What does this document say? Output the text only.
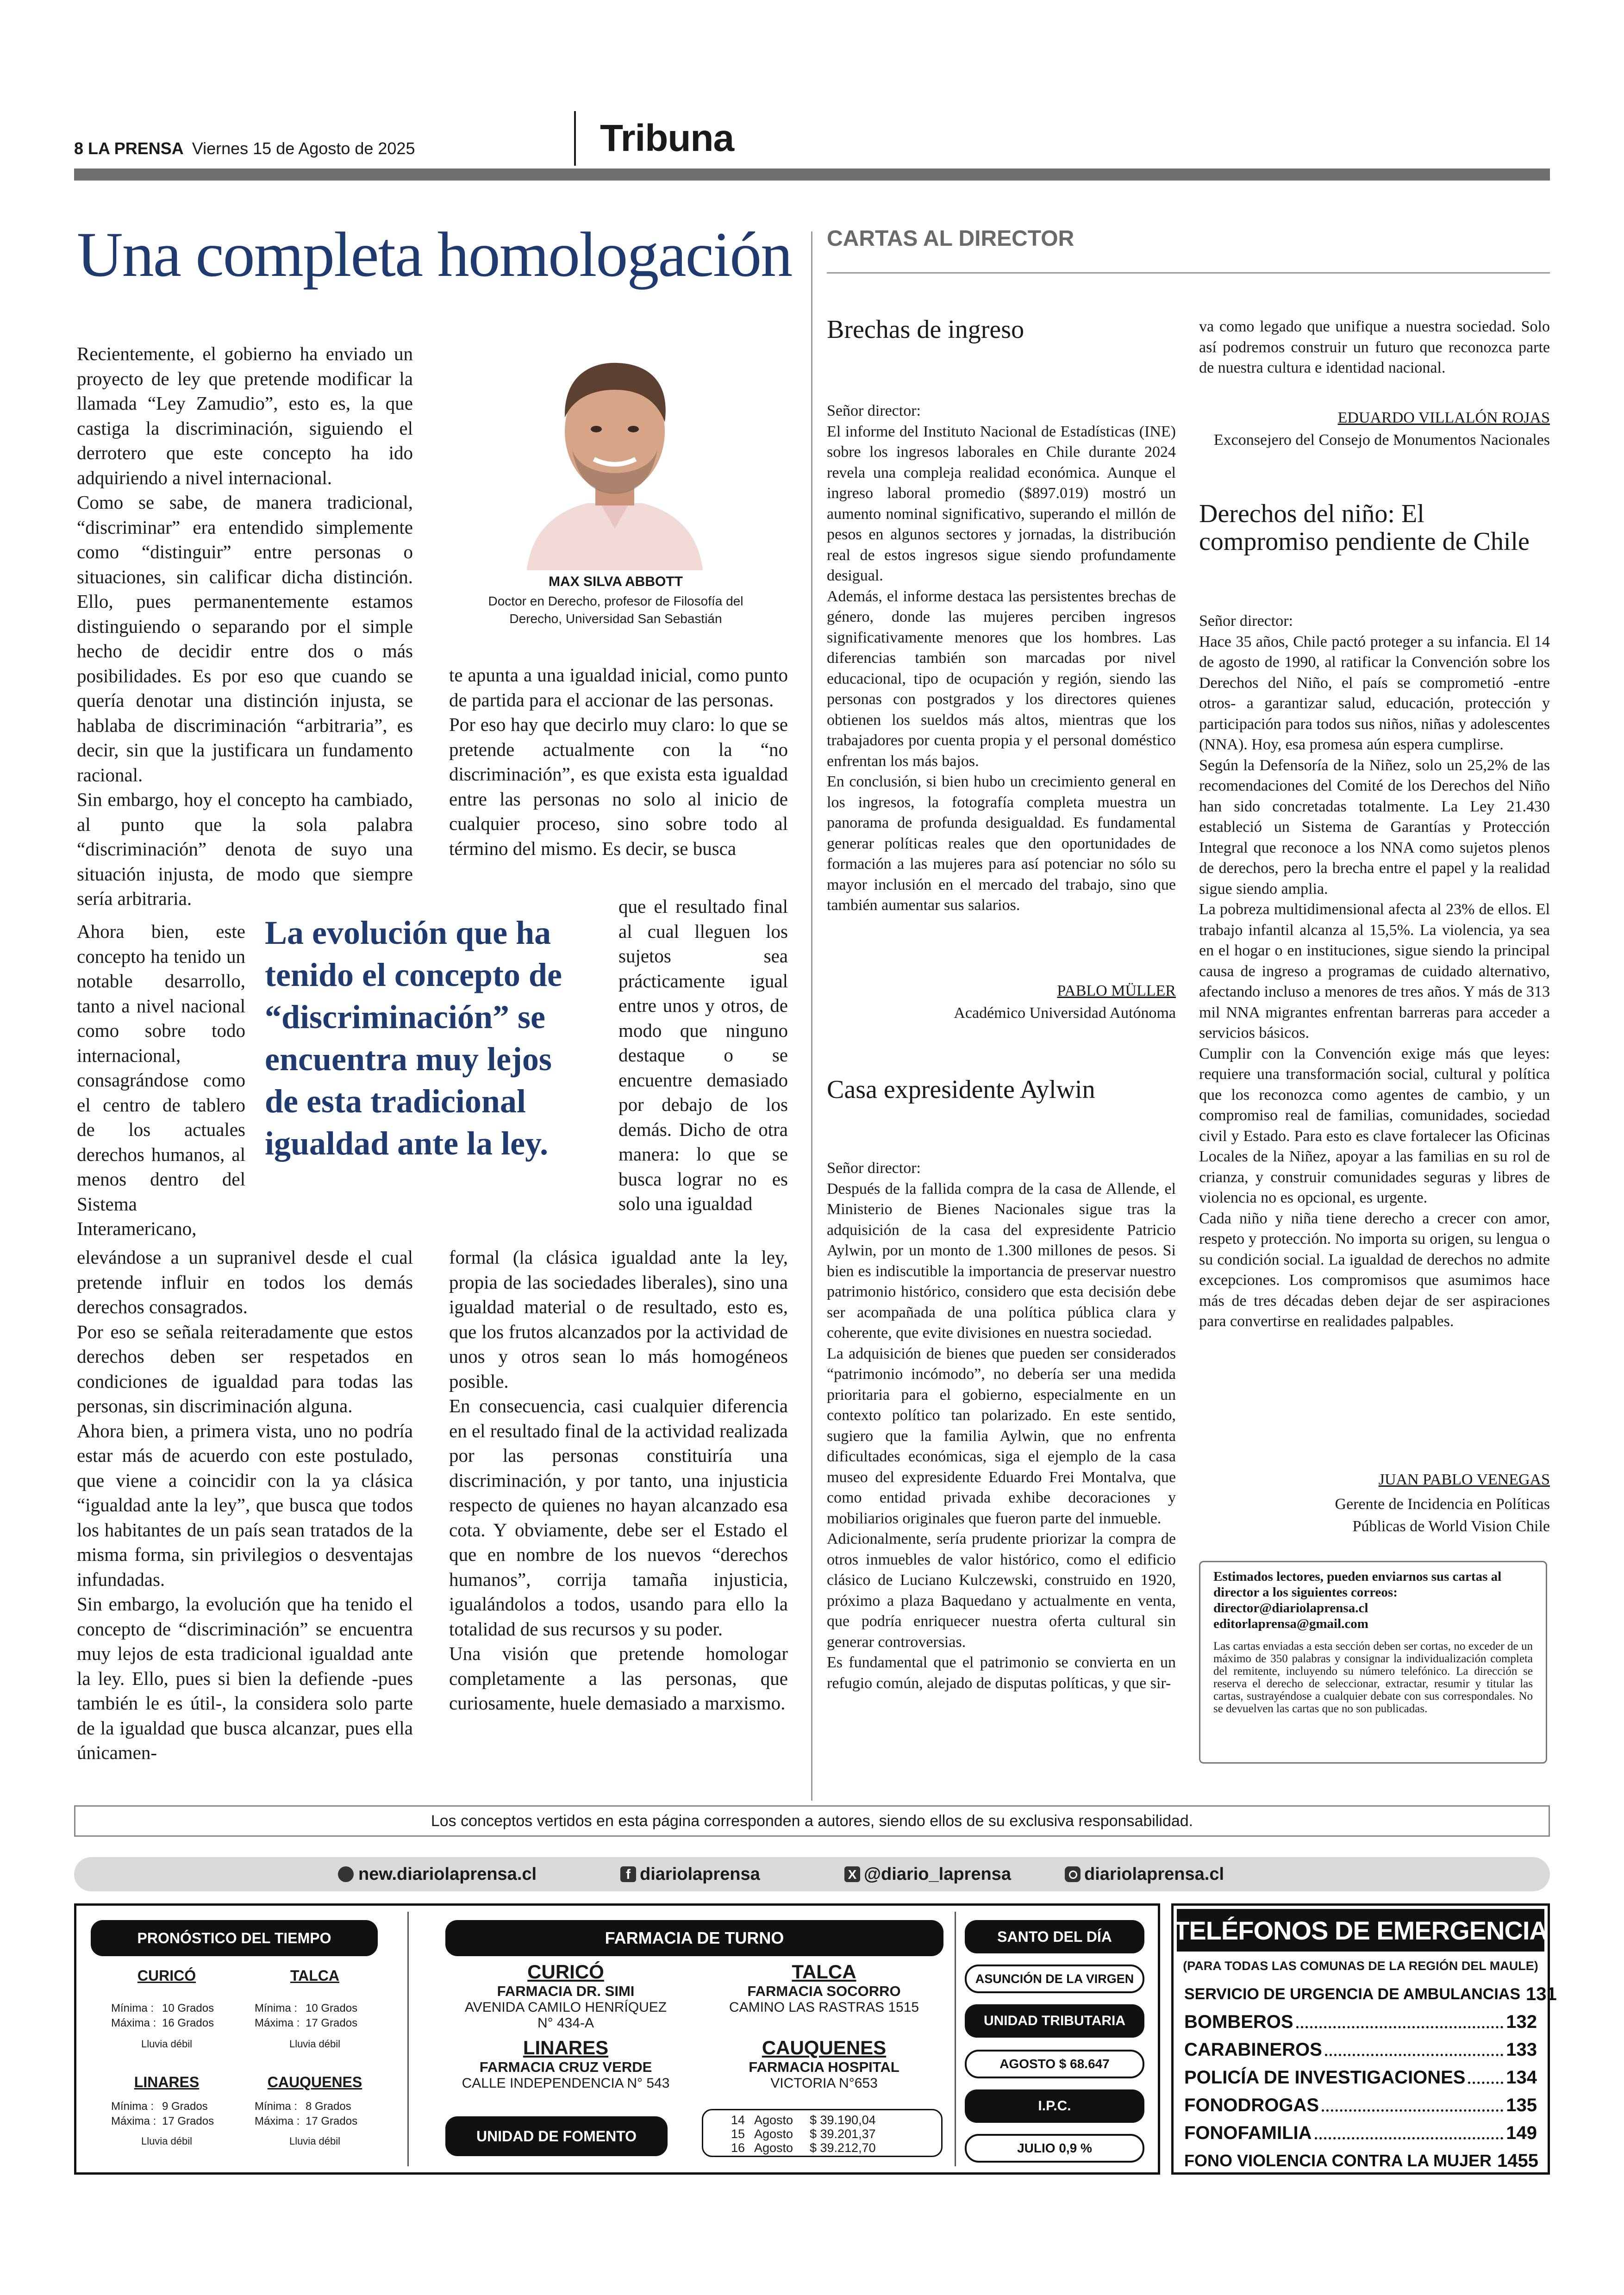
8 LA PRENSA Viernes 15 de Agosto de 2025	Tribuna
Una completa homologación

Recientemente, el gobierno ha enviado un proyecto de ley que pretende modificar la llamada “Ley Zamudio”, esto es, la que castiga la discriminación, siguiendo el derrotero que este concepto ha ido adquiriendo a nivel internacional.

Como se sabe, de manera tradicional, “discriminar” era entendido simplemente como “distinguir” entre personas o situaciones, sin calificar dicha distinción. Ello, pues permanentemente estamos distinguiendo o separando por el simple hecho de decidir entre dos o más posibilidades. Es por eso que cuando se quería denotar una distinción injusta, se hablaba de discriminación “arbitraria”, es decir, sin que la justificara un fundamento racional.

Sin embargo, hoy el concepto ha cambiado, al punto que la sola palabra “discriminación” denota de suyo una situación injusta, de modo que siempre sería arbitraria.

Ahora bien, este concepto ha tenido un notable desarrollo, tanto a nivel nacional como sobre todo internacional, consagrándose como el centro de tablero de los actuales derechos humanos, al menos dentro del Sistema Interamericano,

elevándose a un supranivel desde el cual pretende influir en todos los demás derechos consagrados.

Por eso se señala reiteradamente que estos derechos deben ser respetados en condiciones de igualdad para todas las personas, sin discriminación alguna.

Ahora bien, a primera vista, uno no podría estar más de acuerdo con este postulado, que viene a coincidir con la ya clásica “igualdad ante la ley”, que busca que todos los habitantes de un país sean tratados de la misma forma, sin privilegios o desventajas infundadas.

Sin embargo, la evolución que ha tenido el concepto de “discriminación” se encuentra muy lejos de esta tradicional igualdad ante la ley. Ello, pues si bien la defiende -pues también le es útil-, la considera solo parte de la igualdad que busca alcanzar, pues ella únicamen-

MAX SILVA ABBOTT
Doctor en Derecho, profesor de Filosofía del
Derecho, Universidad San Sebastián
La evolución que ha tenido el concepto de “discriminación” se encuentra muy lejos de esta tradicional igualdad ante la ley.

te apunta a una igualdad inicial, como punto de partida para el accionar de las personas.

Por eso hay que decirlo muy claro: lo que se pretende actualmente con la “no discriminación”, es que exista esta igualdad entre las personas no solo al inicio de cualquier proceso, sino sobre todo al término del mismo. Es decir, se busca

que el resultado final al cual lleguen los sujetos sea prácticamente igual entre unos y otros, de modo que ninguno destaque o se encuentre demasiado por debajo de los demás. Dicho de otra manera: lo que se busca lograr no es solo una igualdad

formal (la clásica igualdad ante la ley, propia de las sociedades liberales), sino una igualdad material o de resultado, esto es, que los frutos alcanzados por la actividad de unos y otros sean lo más homogéneos posible.

En consecuencia, casi cualquier diferencia en el resultado final de la actividad realizada por las personas constituiría una discriminación, y por tanto, una injusticia respecto de quienes no hayan alcanzado esa cota. Y obviamente, debe ser el Estado el que en nombre de los nuevos “derechos humanos”, corrija tamaña injusticia, igualándolos a todos, usando para ello la totalidad de sus recursos y su poder.

Una visión que pretende homologar completamente a las personas, que curiosamente, huele demasiado a marxismo.

CARTAS AL DIRECTOR
Brechas de ingreso

Señor director:

El informe del Instituto Nacional de Estadísticas (INE) sobre los ingresos laborales en Chile durante 2024 revela una compleja realidad económica. Aunque el ingreso laboral promedio ($897.019) mostró un aumento nominal significativo, superando el millón de pesos en algunos sectores y jornadas, la distribución real de estos ingresos sigue siendo profundamente desigual.

Además, el informe destaca las persistentes brechas de género, donde las mujeres perciben ingresos significativamente menores que los hombres. Las diferencias también son marcadas por nivel educacional, tipo de ocupación y región, siendo las personas con postgrados y los directores quienes obtienen los sueldos más altos, mientras que los trabajadores por cuenta propia y el personal doméstico enfrentan los más bajos.

En conclusión, si bien hubo un crecimiento general en los ingresos, la fotografía completa muestra un panorama de profunda desigualdad. Es fundamental generar políticas reales que den oportunidades de formación a las mujeres para así potenciar no sólo su mayor inclusión en el mercado del trabajo, sino que también aumentar sus salarios.

PABLO MÜLLER
Académico Universidad Autónoma
Casa expresidente Aylwin

Señor director:

Después de la fallida compra de la casa de Allende, el Ministerio de Bienes Nacionales sigue tras la adquisición de la casa del expresidente Patricio Aylwin, por un monto de 1.300 millones de pesos. Si bien es indiscutible la importancia de preservar nuestro patrimonio histórico, considero que esta decisión debe ser acompañada de una política pública clara y coherente, que evite divisiones en nuestra sociedad.

La adquisición de bienes que pueden ser considerados “patrimonio incómodo”, no debería ser una medida prioritaria para el gobierno, especialmente en un contexto político tan polarizado. En este sentido, sugiero que la familia Aylwin, que no enfrenta dificultades económicas, siga el ejemplo de la casa museo del expresidente Eduardo Frei Montalva, que como entidad privada exhibe decoraciones y mobiliarios originales que fueron parte del inmueble.

Adicionalmente, sería prudente priorizar la compra de otros inmuebles de valor histórico, como el edificio clásico de Luciano Kulczewski, construido en 1920, próximo a plaza Baquedano y actualmente en venta, que podría enriquecer nuestra oferta cultural sin generar controversias.

Es fundamental que el patrimonio se convierta en un refugio común, alejado de disputas políticas, y que sir-

va como legado que unifique a nuestra sociedad. Solo así podremos construir un futuro que reconozca parte de nuestra cultura e identidad nacional.

EDUARDO VILLALÓN ROJAS
Exconsejero del Consejo de Monumentos Nacionales
Derechos del niño: El
compromiso pendiente de Chile

Señor director:

Hace 35 años, Chile pactó proteger a su infancia. El 14 de agosto de 1990, al ratificar la Convención sobre los Derechos del Niño, el país se comprometió -entre otros- a garantizar salud, educación, protección y participación para todos sus niños, niñas y adolescentes (NNA). Hoy, esa promesa aún espera cumplirse.

Según la Defensoría de la Niñez, solo un 25,2% de las recomendaciones del Comité de los Derechos del Niño han sido concretadas totalmente. La Ley 21.430 estableció un Sistema de Garantías y Protección Integral que reconoce a los NNA como sujetos plenos de derechos, pero la brecha entre el papel y la realidad sigue siendo amplia.

La pobreza multidimensional afecta al 23% de ellos. El trabajo infantil alcanza al 15,5%. La violencia, ya sea en el hogar o en instituciones, sigue siendo la principal causa de ingreso a programas de cuidado alternativo, afectando incluso a menores de tres años. Y más de 313 mil NNA migrantes enfrentan barreras para acceder a servicios básicos.

Cumplir con la Convención exige más que leyes: requiere una transformación social, cultural y política que los reconozca como agentes de cambio, y un compromiso real de familias, comunidades, sociedad civil y Estado. Para esto es clave fortalecer las Oficinas Locales de la Niñez, apoyar a las familias en su rol de crianza, y construir comunidades seguras y libres de violencia no es opcional, es urgente.

Cada niño y niña tiene derecho a crecer con amor, respeto y protección. No importa su origen, su lengua o su condición social. La igualdad de derechos no admite excepciones. Los compromisos que asumimos hace más de tres décadas deben dejar de ser aspiraciones para convertirse en realidades palpables.

JUAN PABLO VENEGAS
Gerente de Incidencia en Políticas
Públicas de World Vision Chile
Estimados lectores, pueden enviarnos sus cartas al
director a los siguientes correos:
director@diariolaprensa.cl
editorlaprensa@gmail.com
Las cartas enviadas a esta sección deben ser cortas, no exceder de un máximo de 350 palabras y consignar la individualización completa del remitente, incluyendo su número telefónico. La dirección se reserva el derecho de seleccionar, extractar, resumir y titular las cartas, sustrayéndose a cualquier debate con sus correspondales. No se devuelven las cartas que no son publicadas.
Los conceptos vertidos en esta página corresponden a autores, siendo ellos de su exclusiva responsabilidad.
new.diariolaprensa.cl	f diariolaprensa	X @diario_laprensa	diariolaprensa.cl
PRONÓSTICO DEL TIEMPO
CURICÓ
Mínima : 10 Grados
Máxima : 16 Grados
Lluvia débil
TALCA
Mínima : 10 Grados
Máxima : 17 Grados
Lluvia débil
LINARES
Mínima : 9 Grados
Máxima : 17 Grados
Lluvia débil
CAUQUENES
Mínima : 8 Grados
Máxima : 17 Grados
Lluvia débil
FARMACIA DE TURNO
CURICÓ
FARMACIA DR. SIMI
AVENIDA CAMILO HENRÍQUEZ
N° 434-A
TALCA
FARMACIA SOCORRO
CAMINO LAS RASTRAS 1515
LINARES
FARMACIA CRUZ VERDE
CALLE INDEPENDENCIA N° 543
CAUQUENES
FARMACIA HOSPITAL
VICTORIA N°653
UNIDAD DE FOMENTO
14 Agosto	$ 39.190,04
15 Agosto	$ 39.201,37
16 Agosto	$ 39.212,70
SANTO DEL DÍA
ASUNCIÓN DE LA VIRGEN
UNIDAD TRIBUTARIA
AGOSTO $ 68.647
I.P.C.
JULIO 0,9 %
TELÉFONOS DE EMERGENCIA
(PARA TODAS LAS COMUNAS DE LA REGIÓN DEL MAULE)
SERVICIO DE URGENCIA DE AMBULANCIAS 131
BOMBEROS	132
CARABINEROS	133
POLICÍA DE INVESTIGACIONES 134
FONODROGAS	135
FONOFAMILIA	149
FONO VIOLENCIA CONTRA LA MUJER 1455
